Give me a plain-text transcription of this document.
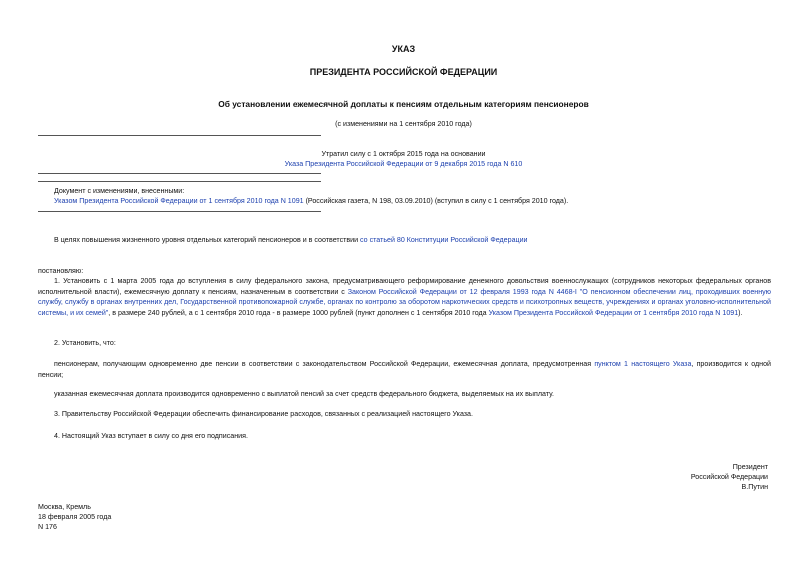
УКАЗ
ПРЕЗИДЕНТА РОССИЙСКОЙ ФЕДЕРАЦИИ
Об установлении ежемесячной доплаты к пенсиям отдельным категориям пенсионеров
(с изменениями на 1 сентября 2010 года)
Утратил силу с 1 октября 2015 года на основании
Указа Президента Российской Федерации от 9 декабря 2015 года N 610
Документ с изменениями, внесенными:
Указом Президента Российской Федерации от 1 сентября 2010 года N 1091 (Российская газета, N 198, 03.09.2010) (вступил в силу с 1 сентября 2010 года).
В целях повышения жизненного уровня отдельных категорий пенсионеров и в соответствии со статьей 80 Конституции Российской Федерации
постановляю:
1. Установить с 1 марта 2005 года до вступления в силу федерального закона, предусматривающего реформирование денежного довольствия военнослужащих (сотрудников некоторых федеральных органов исполнительной власти), ежемесячную доплату к пенсиям, назначенным в соответствии с Законом Российской Федерации от 12 февраля 1993 года N 4468-I "О пенсионном обеспечении лиц, проходивших военную службу, службу в органах внутренних дел, Государственной противопожарной службе, органах по контролю за оборотом наркотических средств и психотропных веществ, учреждениях и органах уголовно-исполнительной системы, и их семей", в размере 240 рублей, а с 1 сентября 2010 года - в размере 1000 рублей (пункт дополнен с 1 сентября 2010 года Указом Президента Российской Федерации от 1 сентября 2010 года N 1091).
2. Установить, что:
пенсионерам, получающим одновременно две пенсии в соответствии с законодательством Российской Федерации, ежемесячная доплата, предусмотренная пунктом 1 настоящего Указа, производится к одной пенсии;
указанная ежемесячная доплата производится одновременно с выплатой пенсий за счет средств федерального бюджета, выделяемых на их выплату.
3. Правительству Российской Федерации обеспечить финансирование расходов, связанных с реализацией настоящего Указа.
4. Настоящий Указ вступает в силу со дня его подписания.
Президент
Российской Федерации
В.Путин
Москва, Кремль
18 февраля 2005 года
N 176
